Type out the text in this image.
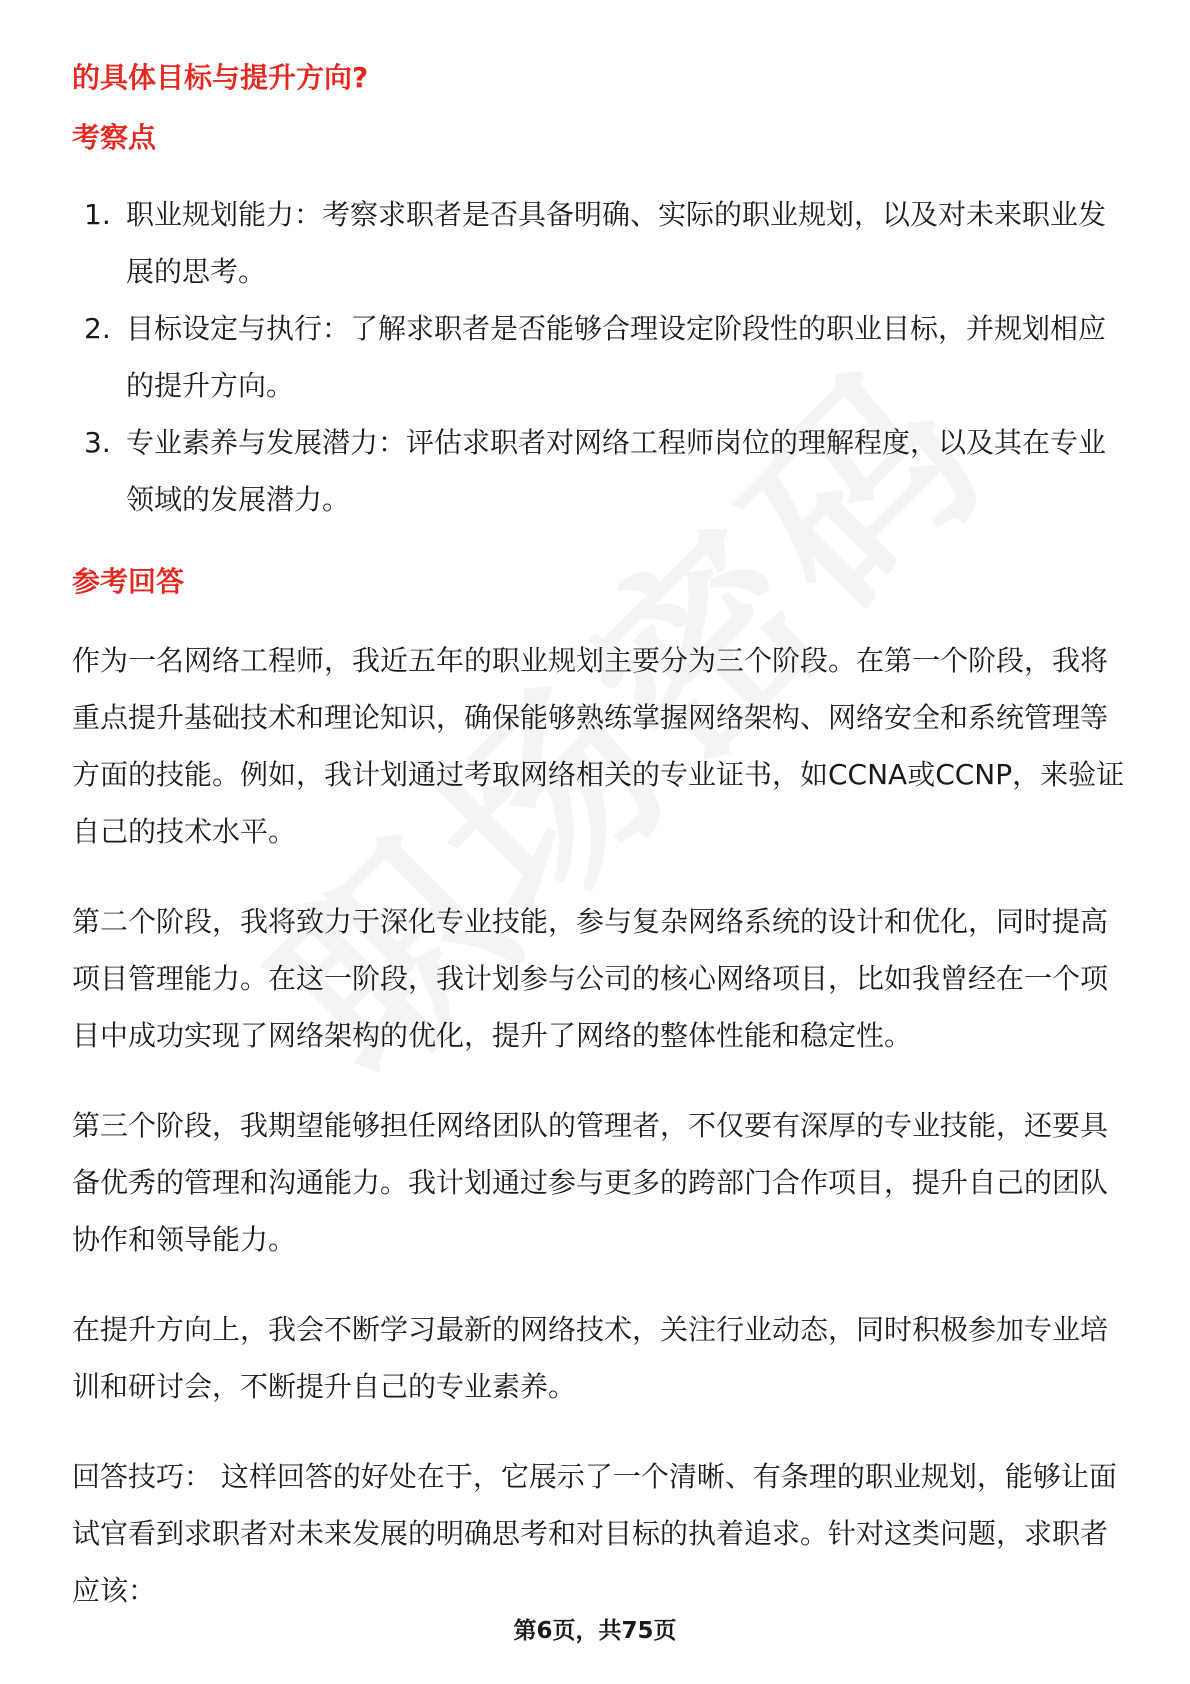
的具体目标与提升方向?

考察点

1. 职业规划能力：考察求职者是否具备明确、实际的职业规划，以及对未来职业发展的思考。
2. 目标设定与执行：了解求职者是否能够合理设定阶段性的职业目标，并规划相应的提升方向。
3. 专业素养与发展潜力：评估求职者对网络工程师岗位的理解程度，以及其在专业领域的发展潜力。

参考回答

作为一名网络工程师，我近五年的职业规划主要分为三个阶段。在第一个阶段，我将重点提升基础技术和理论知识，确保能够熟练掌握网络架构、网络安全和系统管理等方面的技能。例如，我计划通过考取网络相关的专业证书，如CCNA或CCNP，来验证自己的技术水平。

第二个阶段，我将致力于深化专业技能，参与复杂网络系统的设计和优化，同时提高项目管理能力。在这一阶段，我计划参与公司的核心网络项目，比如我曾经在一个项目中成功实现了网络架构的优化，提升了网络的整体性能和稳定性。

第三个阶段，我期望能够担任网络团队的管理者，不仅要有深厚的专业技能，还要具备优秀的管理和沟通能力。我计划通过参与更多的跨部门合作项目，提升自己的团队协作和领导能力。

在提升方向上，我会不断学习最新的网络技术，关注行业动态，同时积极参加专业培训和研讨会，不断提升自己的专业素养。

回答技巧： 这样回答的好处在于，它展示了一个清晰、有条理的职业规划，能够让面试官看到求职者对未来发展的明确思考和对目标的执着追求。针对这类问题，求职者应该：

第6页，共75页
